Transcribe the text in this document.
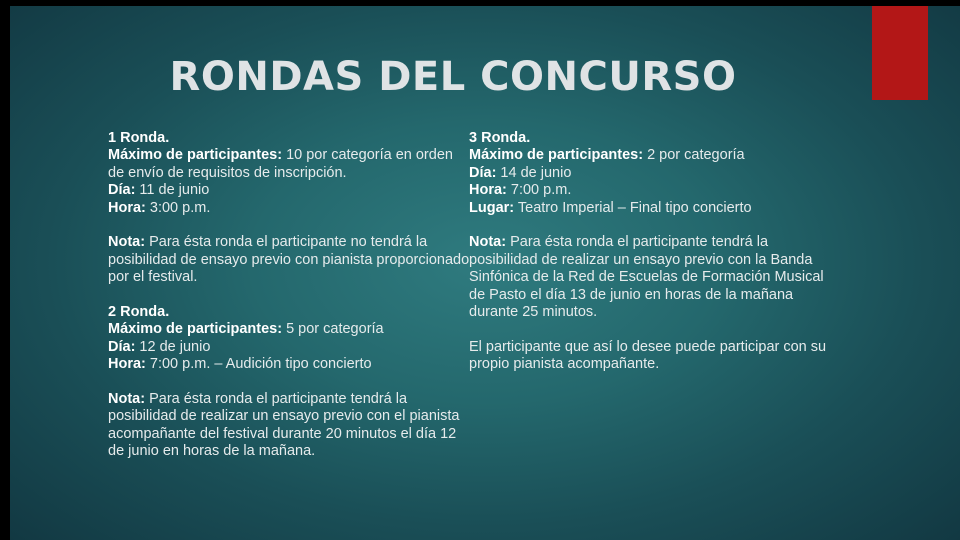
RONDAS DEL CONCURSO

1 Ronda.

Máximo de participantes: 10 por categoría en orden de envío de requisitos de inscripción.

Día: 11 de junio

Hora: 3:00 p.m.

Nota: Para ésta ronda el participante no tendrá la posibilidad de ensayo previo con pianista proporcionado por el festival.

2 Ronda.

Máximo de participantes: 5 por categoría

Día: 12 de junio

Hora: 7:00 p.m. – Audición tipo concierto

Nota: Para ésta ronda el participante tendrá la posibilidad de realizar un ensayo previo con el pianista acompañante del festival durante 20 minutos el día 12 de junio en horas de la mañana.

3 Ronda.

Máximo de participantes: 2 por categoría

Día: 14 de junio

Hora: 7:00 p.m.

Lugar: Teatro Imperial – Final tipo concierto

Nota: Para ésta ronda el participante tendrá la posibilidad de realizar un ensayo previo con la Banda Sinfónica de la Red de Escuelas de Formación Musical de Pasto el día 13 de junio en horas de la mañana durante 25 minutos.

El participante que así lo desee puede participar con su propio pianista acompañante.
